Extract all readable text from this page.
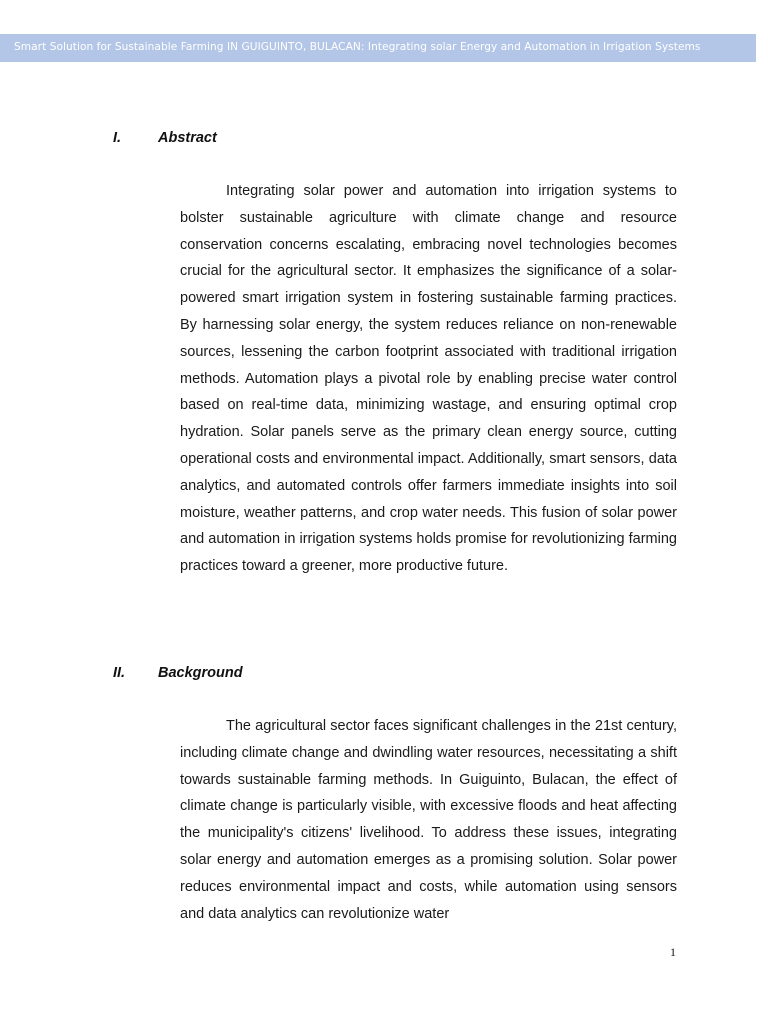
Smart Solution for Sustainable Farming IN GUIGUINTO, BULACAN: Integrating solar Energy and Automation in Irrigation Systems
I.	Abstract

Integrating solar power and automation into irrigation systems to bolster sustainable agriculture with climate change and resource conservation concerns escalating, embracing novel technologies becomes crucial for the agricultural sector. It emphasizes the significance of a solar-powered smart irrigation system in fostering sustainable farming practices. By harnessing solar energy, the system reduces reliance on non-renewable sources, lessening the carbon footprint associated with traditional irrigation methods. Automation plays a pivotal role by enabling precise water control based on real-time data, minimizing wastage, and ensuring optimal crop hydration. Solar panels serve as the primary clean energy source, cutting operational costs and environmental impact. Additionally, smart sensors, data analytics, and automated controls offer farmers immediate insights into soil moisture, weather patterns, and crop water needs. This fusion of solar power and automation in irrigation systems holds promise for revolutionizing farming practices toward a greener, more productive future.

II. Background

The agricultural sector faces significant challenges in the 21st century, including climate change and dwindling water resources, necessitating a shift towards sustainable farming methods. In Guiguinto, Bulacan, the effect of climate change is particularly visible, with excessive floods and heat affecting the municipality's citizens' livelihood. To address these issues, integrating solar energy and automation emerges as a promising solution. Solar power reduces environmental impact and costs, while automation using sensors and data analytics can revolutionize water

1
